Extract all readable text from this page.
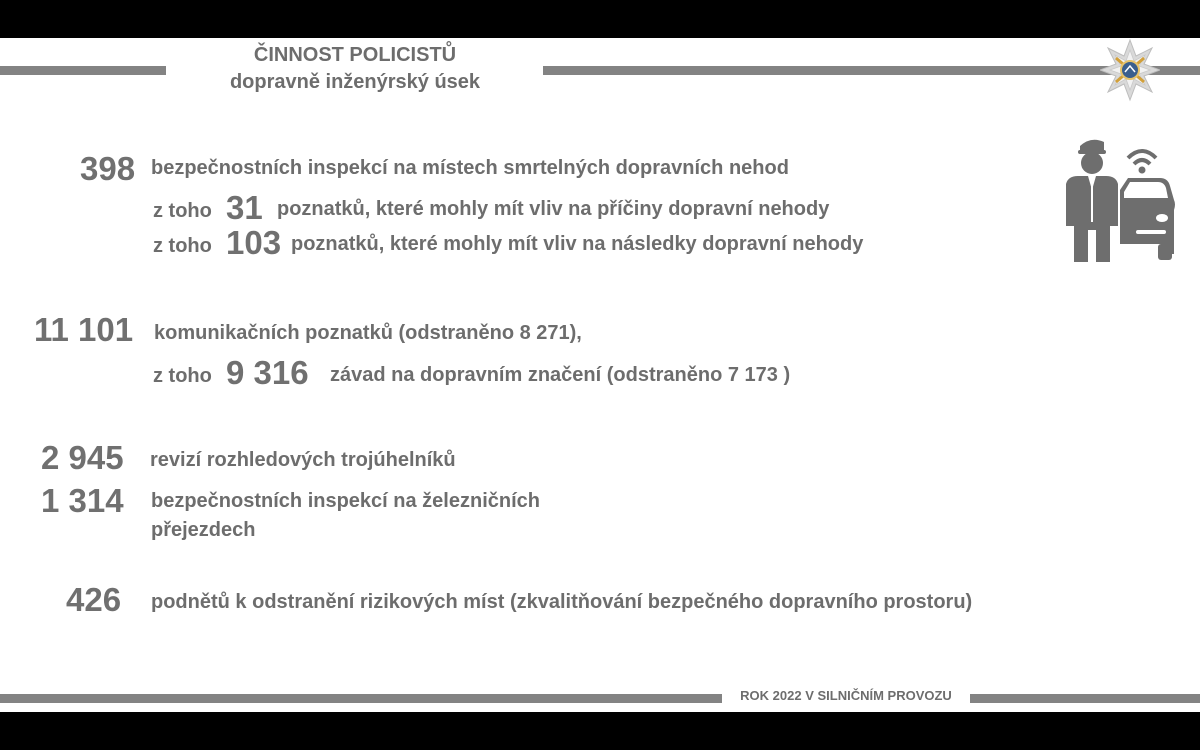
ČINNOST POLICISTŮ
dopravně inženýrský úsek
398 bezpečnostních inspekcí na místech smrtelných dopravních nehod
z toho 31 poznatků, které mohly mít vliv na příčiny dopravní nehody
z toho 103 poznatků, které mohly mít vliv na následky dopravní nehody
11 101 komunikačních poznatků (odstraněno 8 271),
z toho 9 316 závad na dopravním značení (odstraněno 7 173 )
2 945 revizí rozhledových trojúhelníků
1 314 bezpečnostních inspekcí na železničních
přejezdech
426 podnětů k odstranění rizikových míst (zkvalitňování bezpečného dopravního prostoru)
ROK 2022 V SILNIČNÍM PROVOZU
